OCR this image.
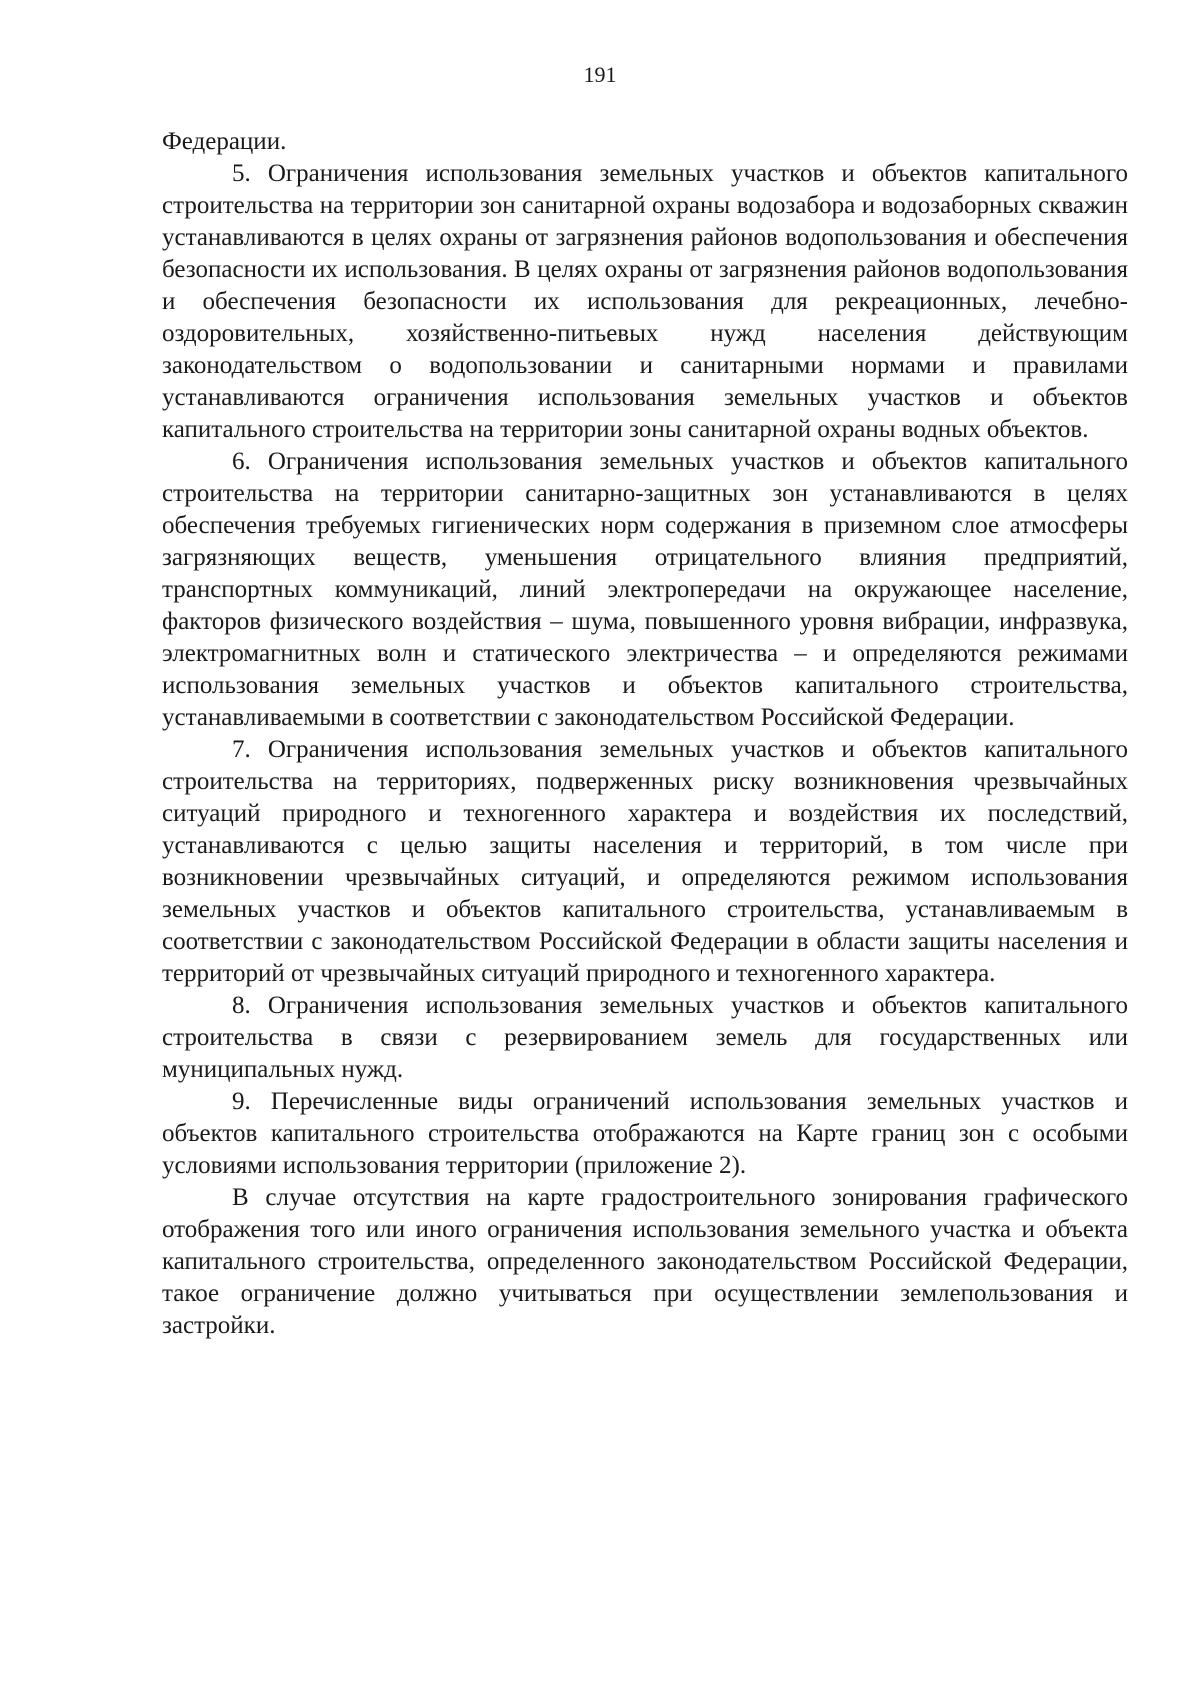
191

Федерации.

5. Ограничения использования земельных участков и объектов капитального строительства на территории зон санитарной охраны водозабора и водозаборных скважин устанавливаются в целях охраны от загрязнения районов водопользования и обеспечения безопасности их использования. В целях охраны от загрязнения районов водопользования и обеспечения безопасности их использования для рекреационных, лечебно-оздоровительных, хозяйственно-питьевых нужд населения действующим законодательством о водопользовании и санитарными нормами и правилами устанавливаются ограничения использования земельных участков и объектов капитального строительства на территории зоны санитарной охраны водных объектов.

6. Ограничения использования земельных участков и объектов капитального строительства на территории санитарно-защитных зон устанавливаются в целях обеспечения требуемых гигиенических норм содержания в приземном слое атмосферы загрязняющих веществ, уменьшения отрицательного влияния предприятий, транспортных коммуникаций, линий электропередачи на окружающее население, факторов физического воздействия – шума, повышенного уровня вибрации, инфразвука, электромагнитных волн и статического электричества – и определяются режимами использования земельных участков и объектов капитального строительства, устанавливаемыми в соответствии с законодательством Российской Федерации.

7. Ограничения использования земельных участков и объектов капитального строительства на территориях, подверженных риску возникновения чрезвычайных ситуаций природного и техногенного характера и воздействия их последствий, устанавливаются с целью защиты населения и территорий, в том числе при возникновении чрезвычайных ситуаций, и определяются режимом использования земельных участков и объектов капитального строительства, устанавливаемым в соответствии с законодательством Российской Федерации в области защиты населения и территорий от чрезвычайных ситуаций природного и техногенного характера.

8. Ограничения использования земельных участков и объектов капитального строительства в связи с резервированием земель для государственных или муниципальных нужд.

9. Перечисленные виды ограничений использования земельных участков и объектов капитального строительства отображаются на Карте границ зон с особыми условиями использования территории (приложение 2).

В случае отсутствия на карте градостроительного зонирования графического отображения того или иного ограничения использования земельного участка и объекта капитального строительства, определенного законодательством Российской Федерации, такое ограничение должно учитываться при осуществлении землепользования и застройки.
